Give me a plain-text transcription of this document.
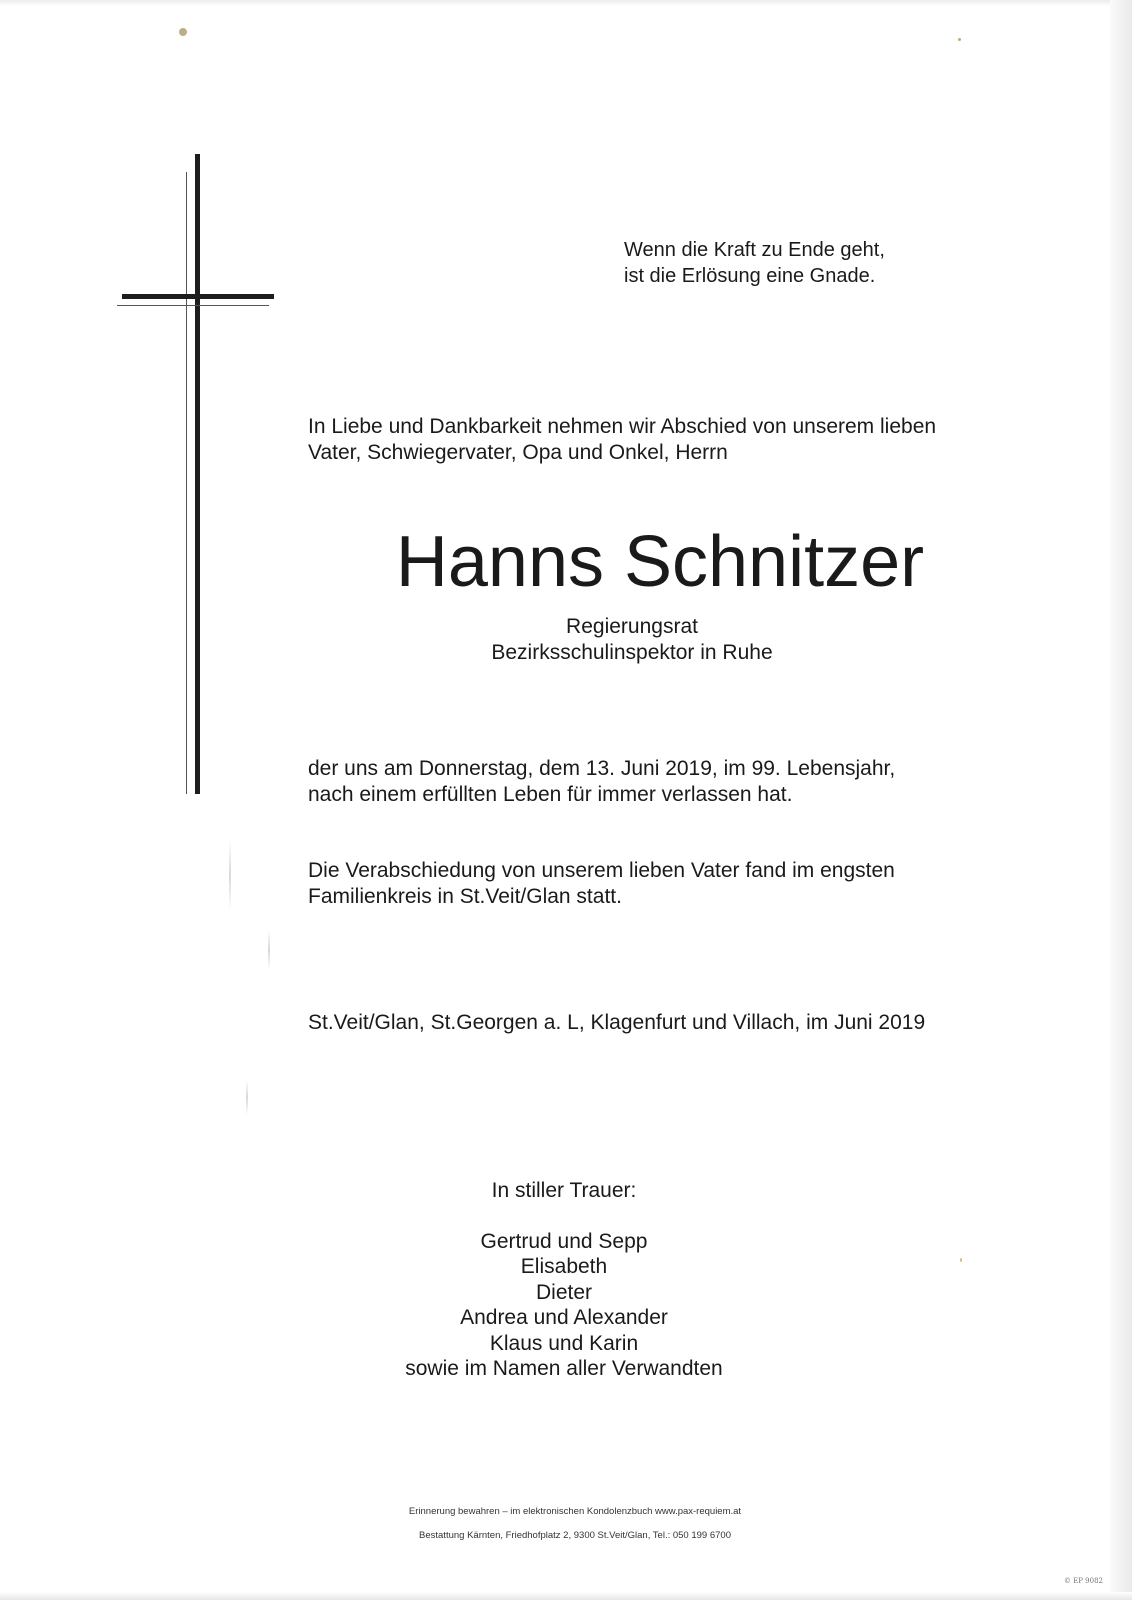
Wenn die Kraft zu Ende geht,
ist die Erlösung eine Gnade.
In Liebe und Dankbarkeit nehmen wir Abschied von unserem lieben
Vater, Schwiegervater, Opa und Onkel, Herrn
Hanns Schnitzer
Regierungsrat
Bezirksschulinspektor in Ruhe
der uns am Donnerstag, dem 13. Juni 2019, im 99. Lebensjahr,
nach einem erfüllten Leben für immer verlassen hat.
Die Verabschiedung von unserem lieben Vater fand im engsten
Familienkreis in St.Veit/Glan statt.
St.Veit/Glan, St.Georgen a. L, Klagenfurt und Villach, im Juni 2019
In stiller Trauer:
Gertrud und Sepp
Elisabeth
Dieter
Andrea und Alexander
Klaus und Karin
sowie im Namen aller Verwandten
Erinnerung bewahren – im elektronischen Kondolenzbuch www.pax-requiem.at
Bestattung Kärnten, Friedhofplatz 2, 9300 St.Veit/Glan, Tel.: 050 199 6700
© EP 9082
